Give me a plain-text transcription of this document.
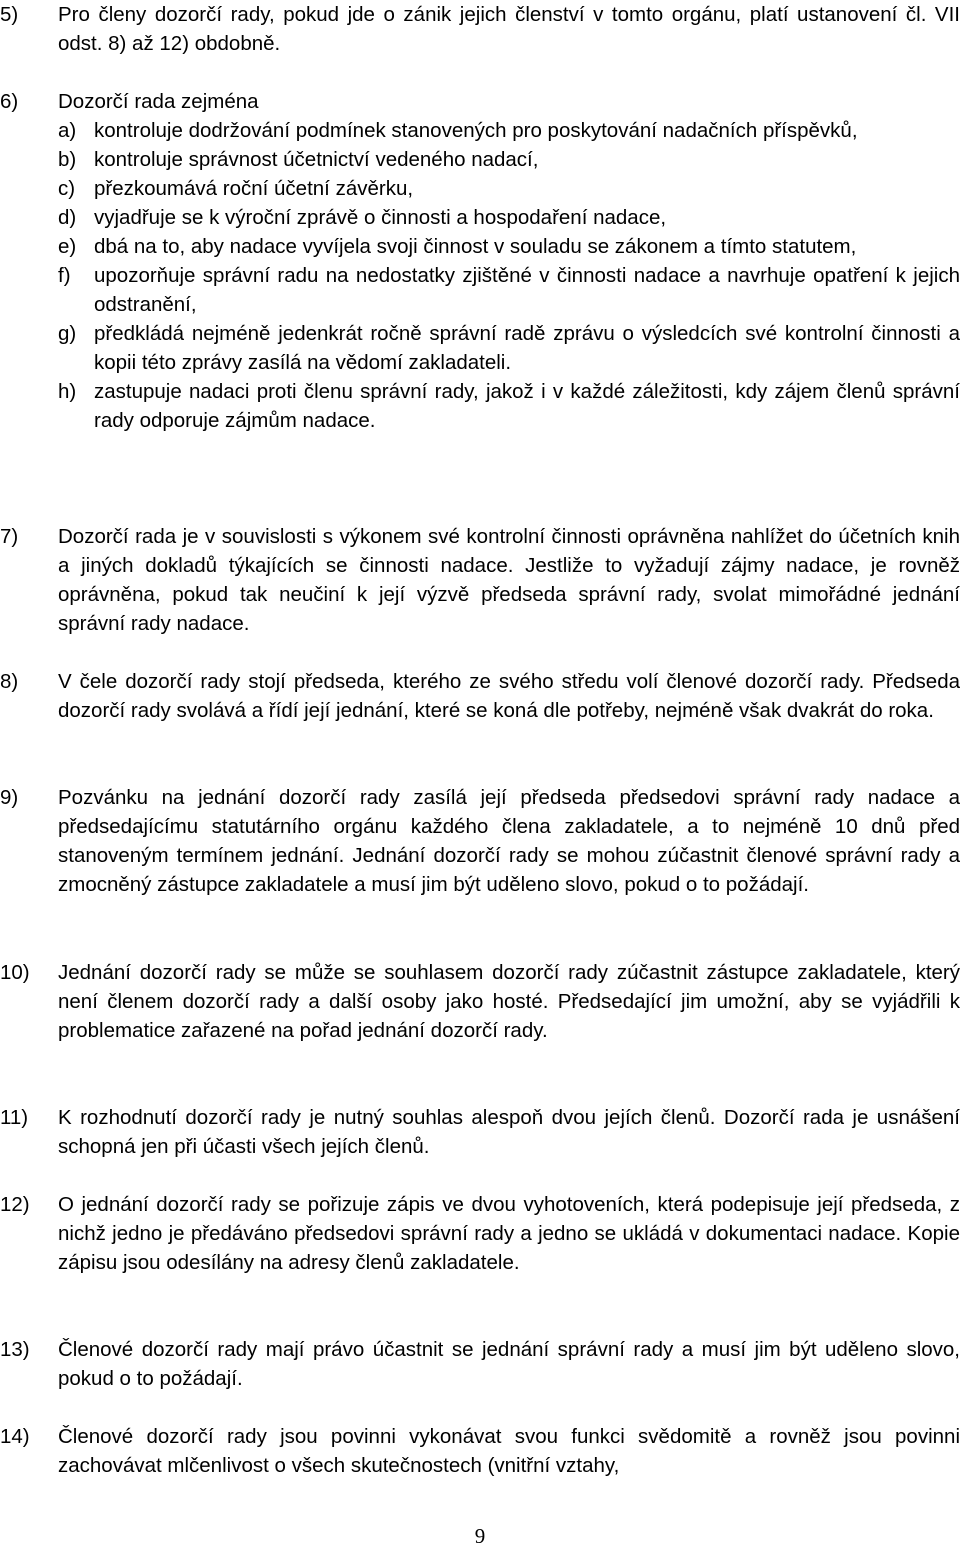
5) Pro členy dozorčí rady, pokud jde o zánik jejich členství v tomto orgánu, platí ustanovení čl. VII odst. 8) až 12) obdobně.
6) Dozorčí rada zejména
a) kontroluje dodržování podmínek stanovených pro poskytování nadačních příspěvků,
b) kontroluje správnost účetnictví vedeného nadací,
c) přezkoumává roční účetní závěrku,
d) vyjadřuje se k výroční zprávě o činnosti a hospodaření nadace,
e) dbá na to, aby nadace vyvíjela svoji činnost v souladu se zákonem a tímto statutem,
f) upozorňuje správní radu na nedostatky zjištěné v činnosti nadace a navrhuje opatření k jejich odstranění,
g) předkládá nejméně jedenkrát ročně správní radě zprávu o výsledcích své kontrolní činnosti a kopii této zprávy zasílá na vědomí zakladateli.
h) zastupuje nadaci proti členu správní rady, jakož i v každé záležitosti, kdy zájem členů správní rady odporuje zájmům nadace.
7) Dozorčí rada je v souvislosti s výkonem své kontrolní činnosti oprávněna nahlížet do účetních knih a jiných dokladů týkajících se činnosti nadace. Jestliže to vyžadují zájmy nadace, je rovněž oprávněna, pokud tak neučiní k její výzvě předseda správní rady, svolat mimořádné jednání správní rady nadace.
8) V čele dozorčí rady stojí předseda, kterého ze svého středu volí členové dozorčí rady. Předseda dozorčí rady svolává a řídí její jednání, které se koná dle potřeby, nejméně však dvakrát do roka.
9) Pozvánku na jednání dozorčí rady zasílá její předseda předsedovi správní rady nadace a předsedajícímu statutárního orgánu každého člena zakladatele, a to nejméně 10 dnů před stanoveným termínem jednání. Jednání dozorčí rady se mohou zúčastnit členové správní rady a zmocněný zástupce zakladatele a musí jim být uděleno slovo, pokud o to požádají.
10) Jednání dozorčí rady se může se souhlasem dozorčí rady zúčastnit zástupce zakladatele, který není členem dozorčí rady a další osoby jako hosté. Předsedající jim umožní, aby se vyjádřili k problematice zařazené na pořad jednání dozorčí rady.
11) K rozhodnutí dozorčí rady je nutný souhlas alespoň dvou jejích členů. Dozorčí rada je usnášení schopná jen při účasti všech jejích členů.
12) O jednání dozorčí rady se pořizuje zápis ve dvou vyhotoveních, která podepisuje její předseda, z nichž jedno je předáváno předsedovi správní rady a jedno se ukládá v dokumentaci nadace. Kopie zápisu jsou odesílány na adresy členů zakladatele.
13) Členové dozorčí rady mají právo účastnit se jednání správní rady a musí jim být uděleno slovo, pokud o to požádají.
14) Členové dozorčí rady jsou povinni vykonávat svou funkci svědomitě a rovněž jsou povinni zachovávat mlčenlivost o všech skutečnostech (vnitřní vztahy,
9
